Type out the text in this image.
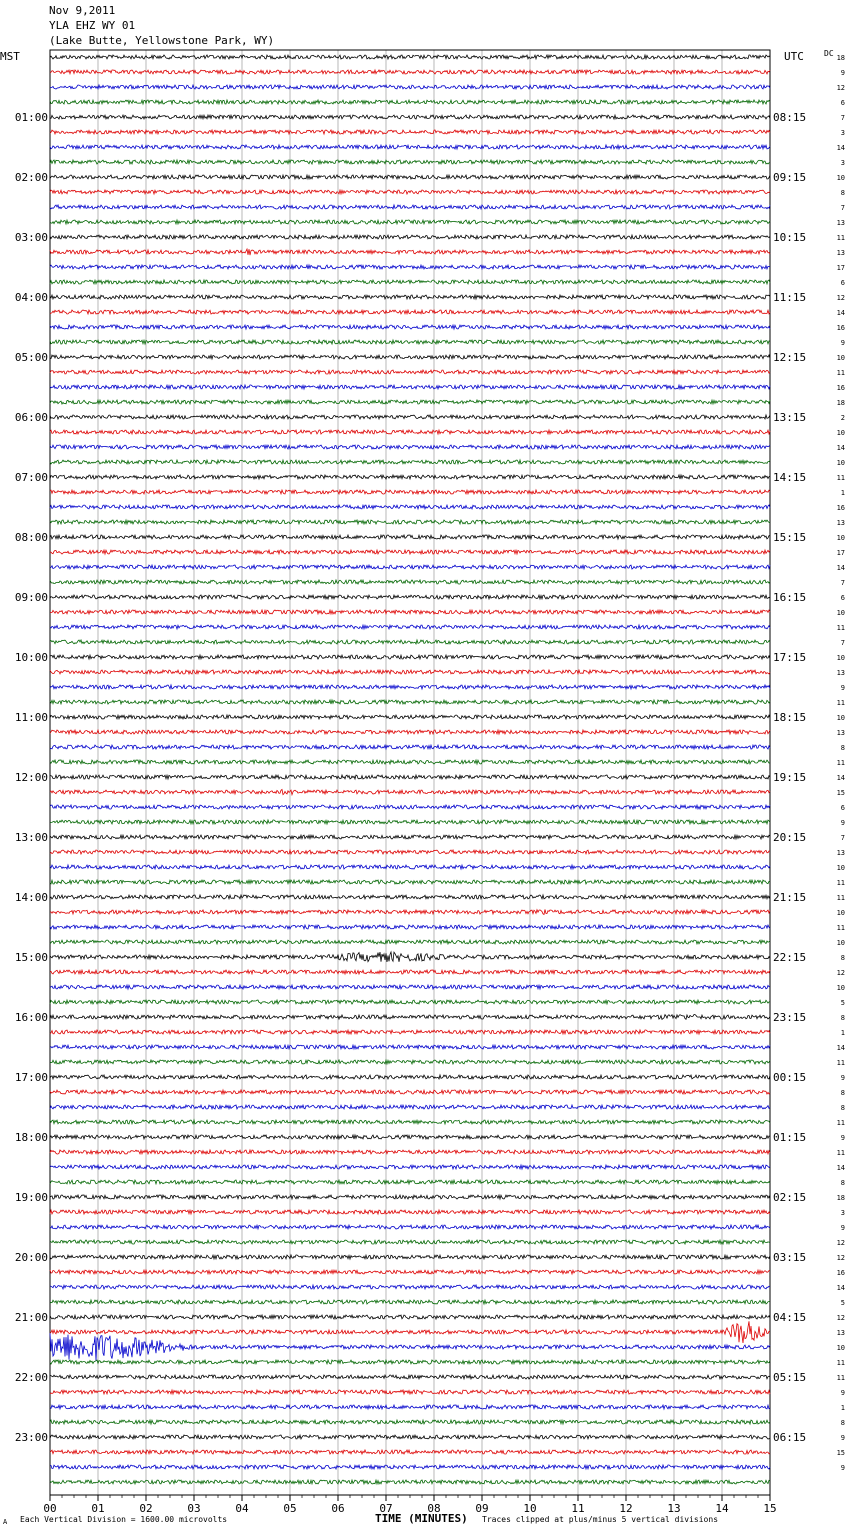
Nov 9,2011
YLA EHZ WY 01
(Lake Butte, Yellowstone Park, WY)
MST	UTC	DC
00	01	02	03	04	05	06	07	08	09	10	11	12	13	14	15
01:00
02:00
03:00
04:00
05:00
06:00
07:00
08:00
09:00
10:00
11:00
12:00
13:00
14:00
15:00
16:00
17:00
18:00
19:00
20:00
21:00
22:00
23:00
08:15
09:15
10:15
11:15
12:15
13:15
14:15
15:15
16:15
17:15
18:15
19:15
20:15
21:15
22:15
23:15
00:15
01:15
02:15
03:15
04:15
05:15
06:15
18
9
12
6
7
3
14
3
10
8
7
13
11
13
17
6
12
14
16
9
10
11
16
18
2
10
14
10
11
1
16
13
10
17
14
7
6
10
11
7
10
13
9
11
10
13
8
11
14
15
6
9
7
13
10
11
11
10
11
10
8
12
10
5
8
1
14
11
9
8
8
11
9
11
14
8
18
3
9
12
12
16
14
5
12
13
10
11
11
9
1
8
9
15
9
Each Vertical Division = 1600.00 microvolts	TIME (MINUTES) Traces clipped at plus/minus 5 vertical divisions
A
